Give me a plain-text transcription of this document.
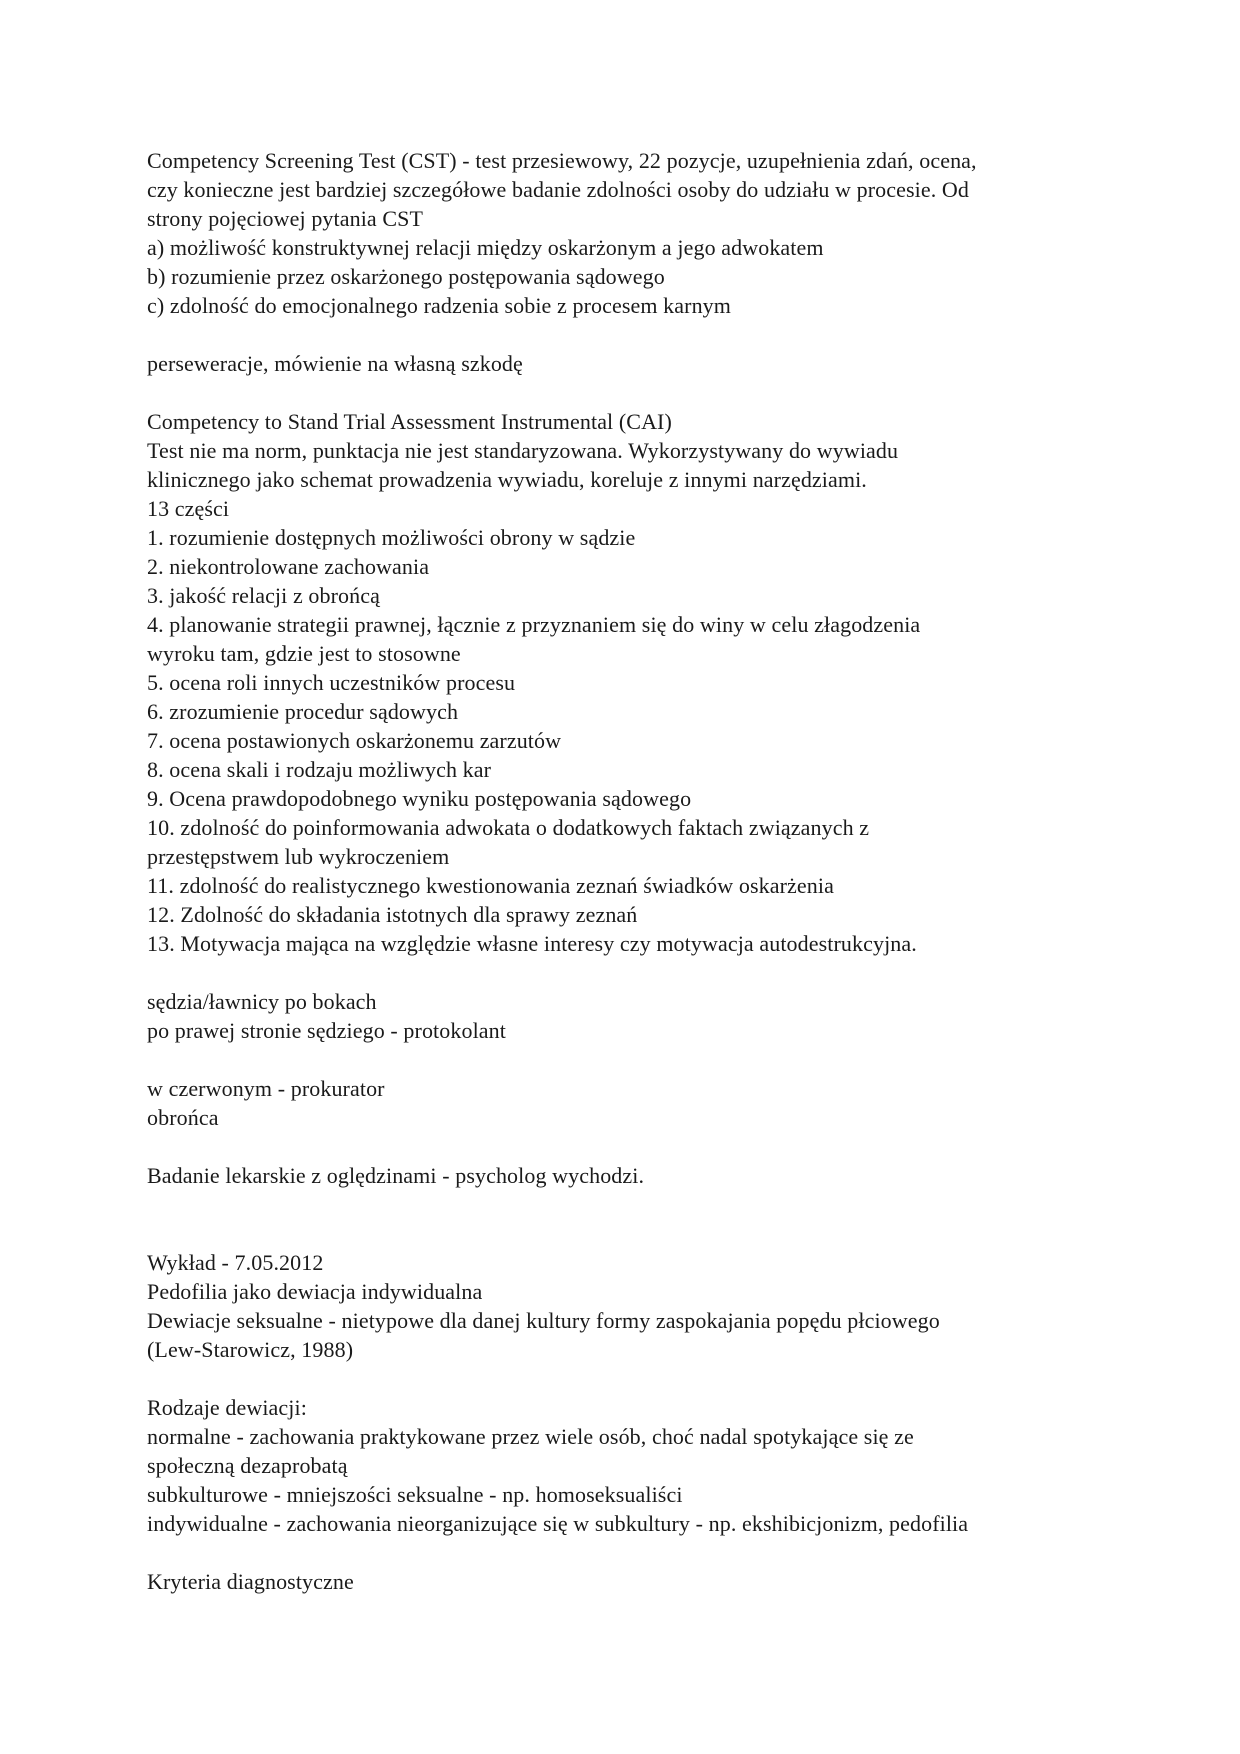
Competency Screening Test (CST) - test przesiewowy, 22 pozycje, uzupełnienia zdań, ocena,
czy konieczne jest bardziej szczegółowe badanie zdolności osoby do udziału w procesie. Od
strony pojęciowej pytania CST
a) możliwość konstruktywnej relacji między oskarżonym a jego adwokatem
b) rozumienie przez oskarżonego postępowania sądowego
c) zdolność do emocjonalnego radzenia sobie z procesem karnym
perseweracje, mówienie na własną szkodę
Competency to Stand Trial Assessment Instrumental (CAI)
Test nie ma norm, punktacja nie jest standaryzowana. Wykorzystywany do wywiadu
klinicznego jako schemat prowadzenia wywiadu, koreluje z innymi narzędziami.
13 części
1. rozumienie dostępnych możliwości obrony w sądzie
2. niekontrolowane zachowania
3. jakość relacji z obrońcą
4. planowanie strategii prawnej, łącznie z przyznaniem się do winy w celu złagodzenia
wyroku tam, gdzie jest to stosowne
5. ocena roli innych uczestników procesu
6. zrozumienie procedur sądowych
7. ocena postawionych oskarżonemu zarzutów
8. ocena skali i rodzaju możliwych kar
9. Ocena prawdopodobnego wyniku postępowania sądowego
10. zdolność do poinformowania adwokata o dodatkowych faktach związanych z
przestępstwem lub wykroczeniem
11. zdolność do realistycznego kwestionowania zeznań świadków oskarżenia
12. Zdolność do składania istotnych dla sprawy zeznań
13. Motywacja mająca na względzie własne interesy czy motywacja autodestrukcyjna.
sędzia/ławnicy po bokach
po prawej stronie sędziego - protokolant
w czerwonym - prokurator
obrońca
Badanie lekarskie z oględzinami - psycholog wychodzi.
Wykład - 7.05.2012
Pedofilia jako dewiacja indywidualna
Dewiacje seksualne - nietypowe dla danej kultury formy zaspokajania popędu płciowego
(Lew-Starowicz, 1988)
Rodzaje dewiacji:
normalne - zachowania praktykowane przez wiele osób, choć nadal spotykające się ze
społeczną dezaprobatą
subkulturowe - mniejszości seksualne - np. homoseksualiści
indywidualne - zachowania nieorganizujące się w subkultury - np. ekshibicjonizm, pedofilia
Kryteria diagnostyczne
